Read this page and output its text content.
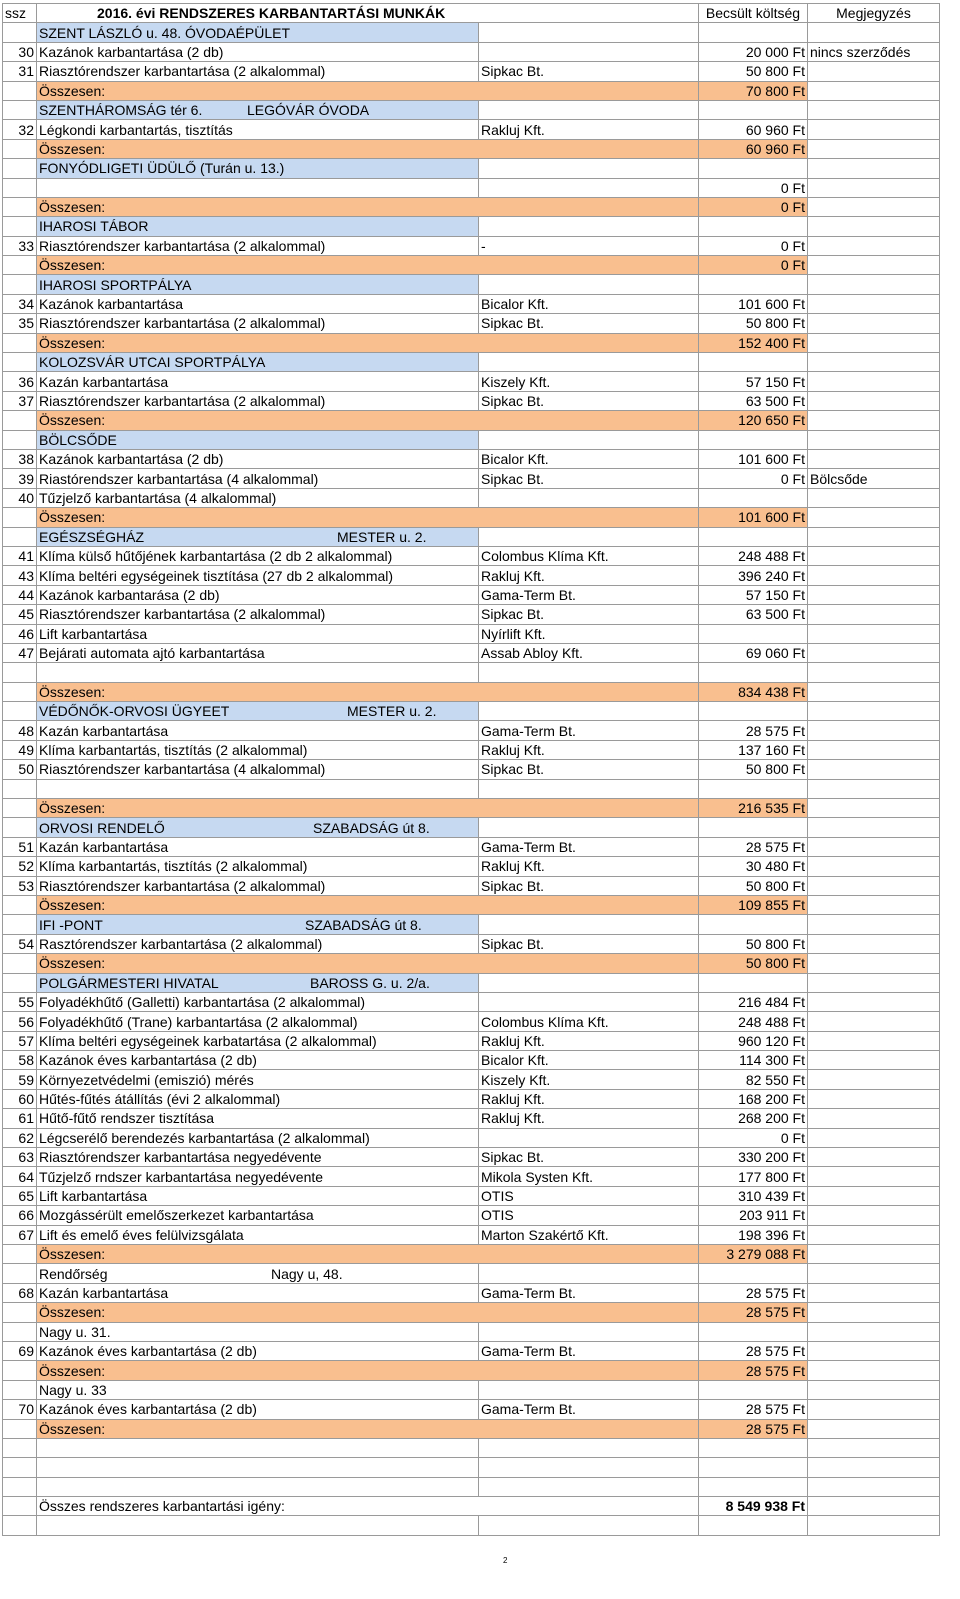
ssz	2016. évi RENDSZERES KARBANTARTÁSI MUNKÁK		Becsült költség	Megjegyzés
	SZENT LÁSZLÓ u. 48. ÓVODAÉPÜLET			
30	Kazánok karbantartása (2 db)		20 000 Ft	nincs szerződés
31	Riasztórendszer karbantartása (2 alkalommal)	Sipkac Bt.	50 800 Ft	
	Összesen:		70 800 Ft	
	SZENTHÁROMSÁG tér 6. LEGÓVÁR ÓVODA			

32	Légkondi karbantartás, tisztítás	Rakluj Kft.	60 960 Ft	
	Összesen:		60 960 Ft	
	FONYÓDLIGETI ÜDÜLŐ (Turán u. 13.)			
			0 Ft	
	Összesen:		0 Ft	
	IHAROSI TÁBOR			
33	Riasztórendszer karbantartása (2 alkalommal)	-	0 Ft	
	Összesen:		0 Ft	
	IHAROSI SPORTPÁLYA			
34	Kazánok karbantartása	Bicalor Kft.	101 600 Ft	
35	Riasztórendszer karbantartása (2 alkalommal)	Sipkac Bt.	50 800 Ft	
	Összesen:		152 400 Ft	
	KOLOZSVÁR UTCAI SPORTPÁLYA			
36	Kazán karbantartása	Kiszely Kft.	57 150 Ft	
37	Riasztórendszer karbantartása (2 alkalommal)	Sipkac Bt.	63 500 Ft	
	Összesen:		120 650 Ft	
	BÖLCSŐDE			
38	Kazánok karbantartása (2 db)	Bicalor Kft.	101 600 Ft	
39	Riastórendszer karbantartása (4 alkalommal)	Sipkac Bt.	0 Ft	Bölcsőde
40	Tűzjelző karbantartása (4 alkalommal)			
	Összesen:		101 600 Ft	
	EGÉSZSÉGHÁZ MESTER u. 2.			

41	Klíma külső hűtőjének karbantartása (2 db 2 alkalommal)	Colombus Klíma Kft.	248 488 Ft	
43	Klíma beltéri egységeinek tisztítása (27 db 2 alkalommal)	Rakluj Kft.	396 240 Ft	
44	Kazánok karbantarása (2 db)	Gama-Term Bt.	57 150 Ft	
45	Riasztórendszer karbantartása (2 alkalommal)	Sipkac Bt.	63 500 Ft	
46	Lift karbantartása	Nyírlift Kft.		
47	Bejárati automata ajtó karbantartása	Assab Abloy Kft.	69 060 Ft	

	Összesen:		834 438 Ft	
	VÉDŐNŐK-ORVOSI ÜGYEET MESTER u. 2.			

48	Kazán karbantartása	Gama-Term Bt.	28 575 Ft	
49	Klíma karbantartás, tisztítás (2 alkalommal)	Rakluj Kft.	137 160 Ft	
50	Riasztórendszer karbantartása (4 alkalommal)	Sipkac Bt.	50 800 Ft	

	Összesen:		216 535 Ft	
	ORVOSI RENDELŐ SZABADSÁG út 8.			

51	Kazán karbantartása	Gama-Term Bt.	28 575 Ft	
52	Klíma karbantartás, tisztítás (2 alkalommal)	Rakluj Kft.	30 480 Ft	
53	Riasztórendszer karbantartása (2 alkalommal)	Sipkac Bt.	50 800 Ft	
	Összesen:		109 855 Ft	
	IFI -PONT SZABADSÁG út 8.			

54	Rasztórendszer karbantartása (2 alkalommal)	Sipkac Bt.	50 800 Ft	
	Összesen:		50 800 Ft	
	POLGÁRMESTERI HIVATAL BAROSS G. u. 2/a.			

55	Folyadékhűtő (Galletti) karbantartása (2 alkalommal)		216 484 Ft	
56	Folyadékhűtő (Trane) karbantartása (2 alkalommal)	Colombus Klíma Kft.	248 488 Ft	
57	Klíma beltéri egységeinek karbatartása (2 alkalommal)	Rakluj Kft.	960 120 Ft	
58	Kazánok éves karbantartása (2 db)	Bicalor Kft.	114 300 Ft	
59	Környezetvédelmi (emiszió) mérés	Kiszely Kft.	82 550 Ft	
60	Hűtés-fűtés átállítás (évi 2 alkalommal)	Rakluj Kft.	168 200 Ft	
61	Hűtő-fűtő rendszer tisztítása	Rakluj Kft.	268 200 Ft	
62	Légcserélő berendezés karbantartása (2 alkalommal)		0 Ft	
63	Riasztórendszer karbantartása negyedévente	Sipkac Bt.	330 200 Ft	
64	Tűzjelző rndszer karbantartása negyedévente	Mikola Systen Kft.	177 800 Ft	
65	Lift karbantartása	OTIS	310 439 Ft	
66	Mozgássérült emelőszerkezet karbantartása	OTIS	203 911 Ft	
67	Lift és emelő éves felülvizsgálata	Marton Szakértő Kft.	198 396 Ft	
	Összesen:		3 279 088 Ft	
	Rendőrség Nagy u, 48.			

68	Kazán karbantartása	Gama-Term Bt.	28 575 Ft	
	Összesen:		28 575 Ft	
	Nagy u. 31.			
69	Kazánok éves karbantartása (2 db)	Gama-Term Bt.	28 575 Ft	
	Összesen:		28 575 Ft	
	Nagy u. 33			
70	Kazánok éves karbantartása (2 db)	Gama-Term Bt.	28 575 Ft	
	Összesen:		28 575 Ft	

	Összes rendszeres karbantartási igény:		8 549 938 Ft	

2
